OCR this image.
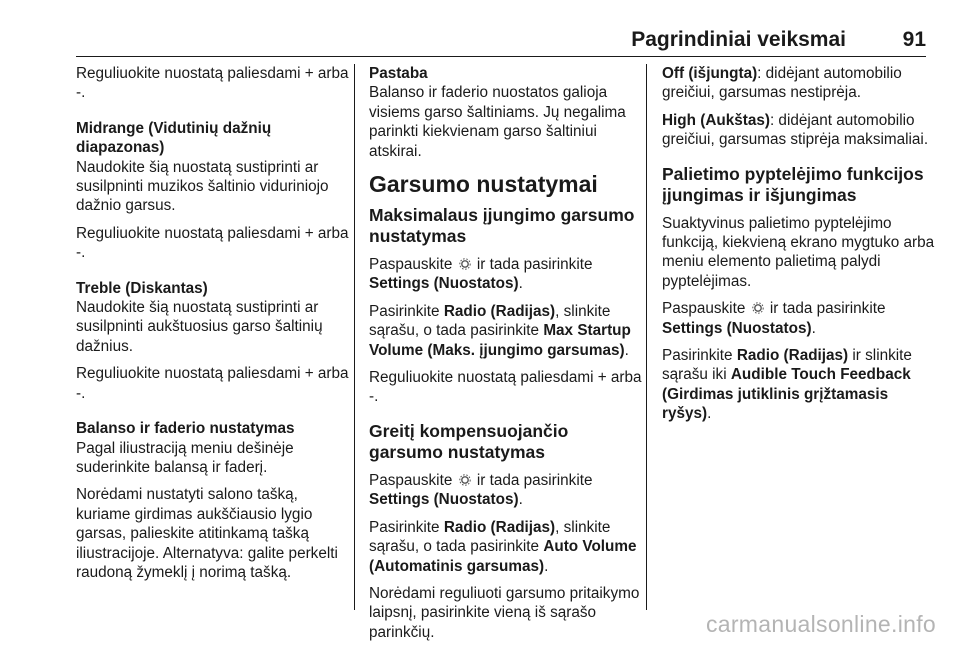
Pagrindiniai veiksmai	91

Reguliuokite nuostatą paliesdami + arba -.

Midrange (Vidutinių dažnių diapazonas)

Naudokite šią nuostatą sustiprinti ar susilpninti muzikos šaltinio viduriniojo dažnio garsus.

Reguliuokite nuostatą paliesdami + arba -.

Treble (Diskantas)

Naudokite šią nuostatą sustiprinti ar susilpninti aukštuosius garso šaltinių dažnius.

Reguliuokite nuostatą paliesdami + arba -.

Balanso ir faderio nustatymas

Pagal iliustraciją meniu dešinėje suderinkite balansą ir faderį.

Norėdami nustatyti salono tašką, kuriame girdimas aukščiausio lygio garsas, palieskite atitinkamą tašką iliustracijoje. Alternatyva: galite perkelti raudoną žymeklį į norimą tašką.

Pastaba

Balanso ir faderio nuostatos galioja visiems garso šaltiniams. Jų negalima parinkti kiekvienam garso šaltiniui atskirai.

Garsumo nustatymai

Maksimalaus įjungimo garsumo nustatymas

Paspauskite ir tada pasirinkite
Settings (Nuostatos).

Pasirinkite Radio (Radijas), slinkite sąrašu, o tada pasirinkite Max Startup Volume (Maks. įjungimo garsumas).

Reguliuokite nuostatą paliesdami + arba -.

Greitį kompensuojančio garsumo nustatymas

Paspauskite ir tada pasirinkite
Settings (Nuostatos).

Pasirinkite Radio (Radijas), slinkite sąrašu, o tada pasirinkite Auto Volume (Automatinis garsumas).

Norėdami reguliuoti garsumo pritaikymo laipsnį, pasirinkite vieną iš sąrašo parinkčių.

Off (išjungta): didėjant automobilio greičiui, garsumas nestiprėja.

High (Aukštas): didėjant automobilio greičiui, garsumas stiprėja maksimaliai.

Palietimo pyptelėjimo funkcijos įjungimas ir išjungimas

Suaktyvinus palietimo pyptelėjimo funkciją, kiekvieną ekrano mygtuko arba meniu elemento palietimą palydi pyptelėjimas.

Paspauskite ir tada pasirinkite
Settings (Nuostatos).

Pasirinkite Radio (Radijas) ir slinkite sąrašu iki Audible Touch Feedback (Girdimas jutiklinis grįžtamasis ryšys).

carmanualsonline.info
